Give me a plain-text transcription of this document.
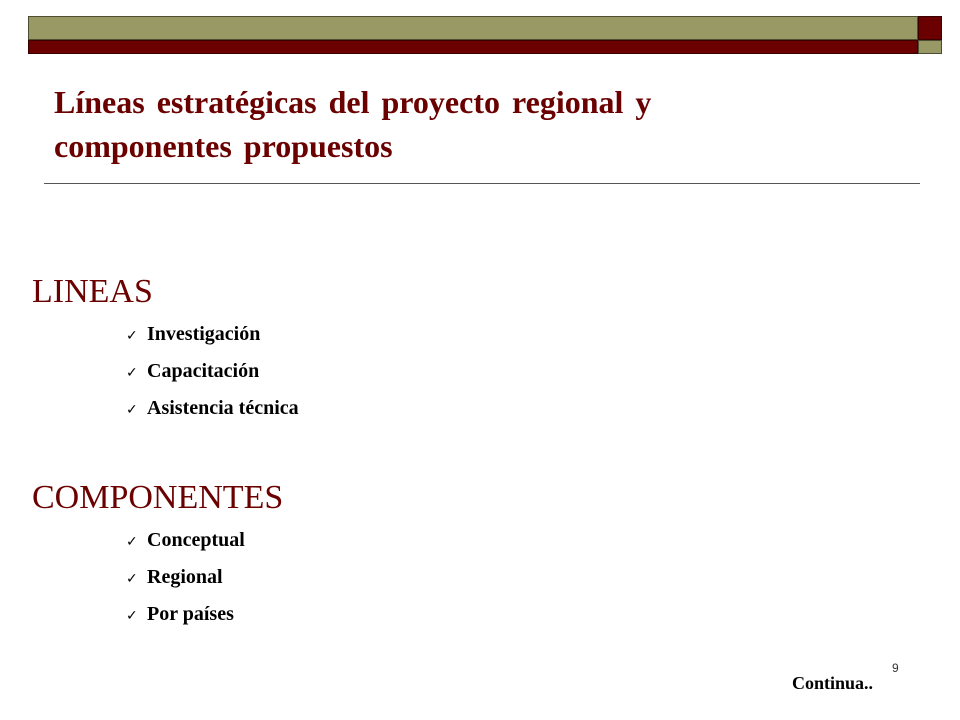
Líneas estratégicas del proyecto regional y
componentes propuestos
LINEAS
✓ Investigación
✓ Capacitación
✓ Asistencia técnica
COMPONENTES
✓ Conceptual
✓ Regional
✓ Por países
9
Continua..
